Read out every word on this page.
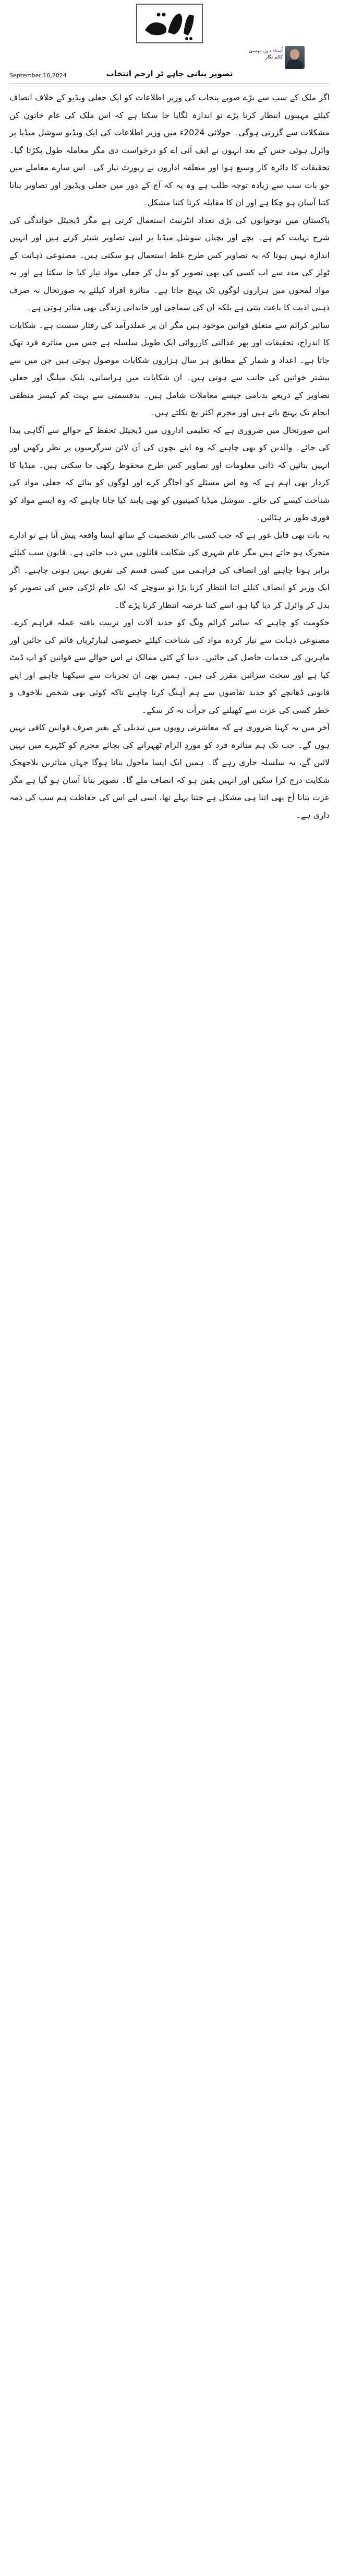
اُستاد ہیں موسیٰ کالم نگار
September,16,2024	تصویر بنانی جاہے ٹر ارحم انتخاب

اگر ملک کے سب سے بڑے صوبے پنجاب کی وزیر اطلاعات کو ایک جعلی ویڈیو کے خلاف انصاف کیلئے مہینوں انتظار کرنا پڑے تو اندازہ لگایا جا سکتا ہے کہ اس ملک کی عام خاتون کن مشکلات سے گزرتی ہوگی۔ جولائی 2024ء میں وزیر اطلاعات کی ایک ویڈیو سوشل میڈیا پر وائرل ہوئی جس کے بعد انہوں نے ایف آئی اے کو درخواست دی مگر معاملہ طول پکڑتا گیا۔ تحقیقات کا دائرہ کار وسیع ہوا اور متعلقہ اداروں نے رپورٹ تیار کی۔ اس سارے معاملے میں جو بات سب سے زیادہ توجہ طلب ہے وہ یہ کہ آج کے دور میں جعلی ویڈیوز اور تصاویر بنانا کتنا آسان ہو چکا ہے اور ان کا مقابلہ کرنا کتنا مشکل۔

پاکستان میں نوجوانوں کی بڑی تعداد انٹرنیٹ استعمال کرتی ہے مگر ڈیجیٹل خواندگی کی شرح نہایت کم ہے۔ بچے اور بچیاں سوشل میڈیا پر اپنی تصاویر شیئر کرتے ہیں اور انہیں اندازہ نہیں ہوتا کہ یہ تصاویر کس طرح غلط استعمال ہو سکتی ہیں۔ مصنوعی ذہانت کے ٹولز کی مدد سے اب کسی کی بھی تصویر کو بدل کر جعلی مواد تیار کیا جا سکتا ہے اور یہ مواد لمحوں میں ہزاروں لوگوں تک پہنچ جاتا ہے۔ متاثرہ افراد کیلئے یہ صورتحال نہ صرف ذہنی اذیت کا باعث بنتی ہے بلکہ ان کی سماجی اور خاندانی زندگی بھی متاثر ہوتی ہے۔

سائبر کرائم سے متعلق قوانین موجود ہیں مگر ان پر عملدرآمد کی رفتار سست ہے۔ شکایات کا اندراج، تحقیقات اور پھر عدالتی کارروائی ایک طویل سلسلہ ہے جس میں متاثرہ فرد تھک جاتا ہے۔ اعداد و شمار کے مطابق ہر سال ہزاروں شکایات موصول ہوتی ہیں جن میں سے بیشتر خواتین کی جانب سے ہوتی ہیں۔ ان شکایات میں ہراسانی، بلیک میلنگ اور جعلی تصاویر کے ذریعے بدنامی جیسے معاملات شامل ہیں۔ بدقسمتی سے بہت کم کیسز منطقی انجام تک پہنچ پاتے ہیں اور مجرم اکثر بچ نکلتے ہیں۔

اس صورتحال میں ضروری ہے کہ تعلیمی اداروں میں ڈیجیٹل تحفظ کے حوالے سے آگاہی پیدا کی جائے۔ والدین کو بھی چاہیے کہ وہ اپنے بچوں کی آن لائن سرگرمیوں پر نظر رکھیں اور انہیں بتائیں کہ ذاتی معلومات اور تصاویر کس طرح محفوظ رکھی جا سکتی ہیں۔ میڈیا کا کردار بھی اہم ہے کہ وہ اس مسئلے کو اجاگر کرے اور لوگوں کو بتائے کہ جعلی مواد کی شناخت کیسے کی جائے۔ سوشل میڈیا کمپنیوں کو بھی پابند کیا جانا چاہیے کہ وہ ایسے مواد کو فوری طور پر ہٹائیں۔

یہ بات بھی قابل غور ہے کہ جب کسی بااثر شخصیت کے ساتھ ایسا واقعہ پیش آتا ہے تو ادارے متحرک ہو جاتے ہیں مگر عام شہری کی شکایت فائلوں میں دب جاتی ہے۔ قانون سب کیلئے برابر ہونا چاہیے اور انصاف کی فراہمی میں کسی قسم کی تفریق نہیں ہونی چاہیے۔ اگر ایک وزیر کو انصاف کیلئے اتنا انتظار کرنا پڑا تو سوچئے کہ ایک عام لڑکی جس کی تصویر کو بدل کر وائرل کر دیا گیا ہو، اسے کتنا عرصہ انتظار کرنا پڑے گا۔

حکومت کو چاہیے کہ سائبر کرائم ونگ کو جدید آلات اور تربیت یافتہ عملہ فراہم کرے۔ مصنوعی ذہانت سے تیار کردہ مواد کی شناخت کیلئے خصوصی لیبارٹریاں قائم کی جائیں اور ماہرین کی خدمات حاصل کی جائیں۔ دنیا کے کئی ممالک نے اس حوالے سے قوانین کو اپ ڈیٹ کیا ہے اور سخت سزائیں مقرر کی ہیں۔ ہمیں بھی ان تجربات سے سیکھنا چاہیے اور اپنے قانونی ڈھانچے کو جدید تقاضوں سے ہم آہنگ کرنا چاہیے تاکہ کوئی بھی شخص بلاخوف و خطر کسی کی عزت سے کھیلنے کی جرأت نہ کر سکے۔

آخر میں یہ کہنا ضروری ہے کہ معاشرتی رویوں میں تبدیلی کے بغیر صرف قوانین کافی نہیں ہوں گے۔ جب تک ہم متاثرہ فرد کو موردِ الزام ٹھہرانے کی بجائے مجرم کو کٹہرے میں نہیں لائیں گے، یہ سلسلہ جاری رہے گا۔ ہمیں ایک ایسا ماحول بنانا ہوگا جہاں متاثرین بلاجھجک شکایت درج کرا سکیں اور انہیں یقین ہو کہ انصاف ملے گا۔ تصویر بنانا آسان ہو گیا ہے مگر عزت بنانا آج بھی اتنا ہی مشکل ہے جتنا پہلے تھا، اسی لیے اس کی حفاظت ہم سب کی ذمہ داری ہے۔
